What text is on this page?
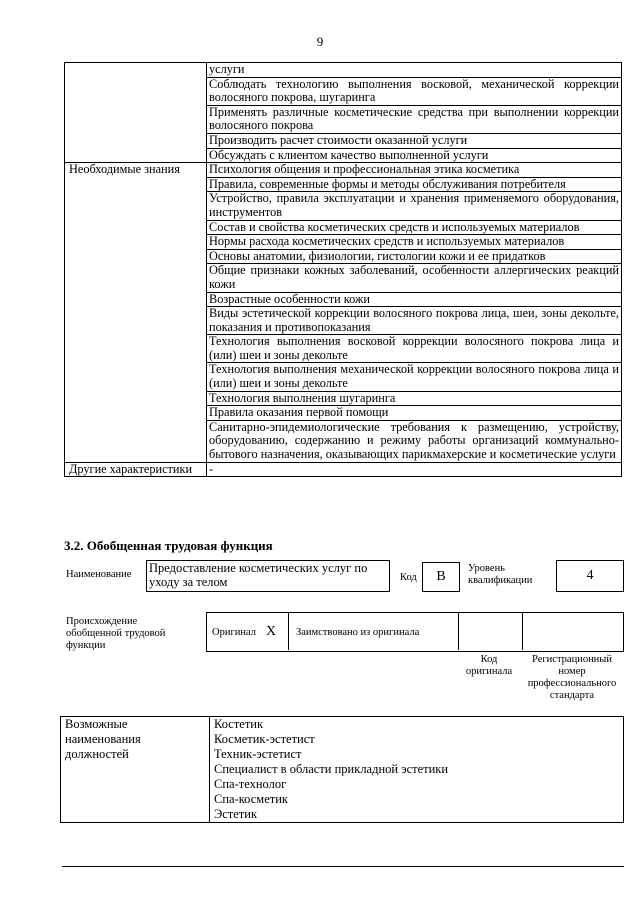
9
	услуги
	Соблюдать технологию выполнения восковой, механической коррекции волосяного покрова, шугаринга
	Применять различные косметические средства при выполнении коррекции волосяного покрова
	Производить расчет стоимости оказанной услуги
	Обсуждать с клиентом качество выполненной услуги
Необходимые знания	Психология общения и профессиональная этика косметика
	Правила, современные формы и методы обслуживания потребителя
	Устройство, правила эксплуатации и хранения применяемого оборудования, инструментов
	Состав и свойства косметических средств и используемых материалов
	Нормы расхода косметических средств и используемых материалов
	Основы анатомии, физиологии, гистологии кожи и ее придатков
	Общие признаки кожных заболеваний, особенности аллергических реакций кожи
	Возрастные особенности кожи
	Виды эстетической коррекции волосяного покрова лица, шеи, зоны декольте, показания и противопоказания
	Технология выполнения восковой коррекции волосяного покрова лица и (или) шеи и зоны декольте
	Технология выполнения механической коррекции волосяного покрова лица и (или) шеи и зоны декольте
	Технология выполнения шугаринга
	Правила оказания первой помощи
	Санитарно-эпидемиологические требования к размещению, устройству, оборудованию, содержанию и режиму работы организаций коммунально-бытового назначения, оказывающих парикмахерские и косметические услуги
Другие характеристики	-
3.2. Обобщенная трудовая функция
Наименование Предоставление косметических услуг по уходу за телом	Код	B
Уровень квалификации	4
Происхождение обобщенной трудовой функции
Оригинал X Заимствовано из оригинала
Код оригинала
Регистрационный номер профессионального стандарта
Возможные наименования должностей	
Костетик
Косметик-эстетист
Техник-эстетист
Специалист в области прикладной эстетики
Спа-технолог
Спа-косметик
Эстетик
